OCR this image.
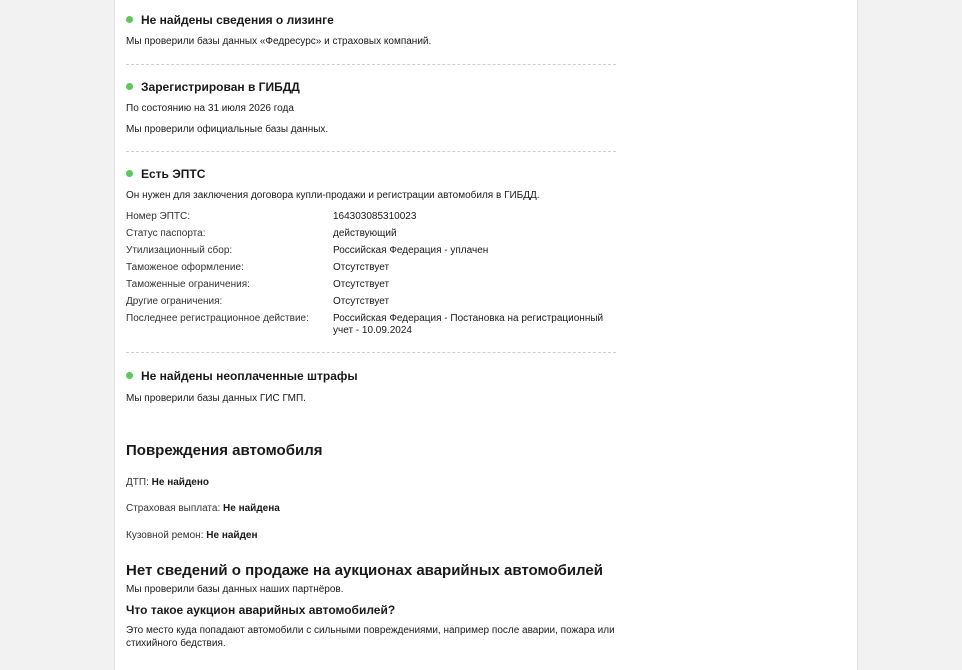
Не найдены сведения о лизинге

Мы проверили базы данных «Федресурс» и страховых компаний.

Зарегистрирован в ГИБДД

По состоянию на 31 июля 2026 года

Мы проверили официальные базы данных.

Есть ЭПТС

Он нужен для заключения договора купли-продажи и регистрации автомобиля в ГИБДД.

Номер ЭПТС:	164303085310023
Статус паспорта:	действующий
Утилизационный сбор:	Российская Федерация - уплачен
Таможеное оформление:	Отсутствует
Таможенные ограничения:	Отсутствует
Другие ограничения:	Отсутствует
Последнее регистрационное действие:	Российская Федерация - Постановка на регистрационный учет - 10.09.2024
Не найдены неоплаченные штрафы

Мы проверили базы данных ГИС ГМП.

Повреждения автомобиля
ДТП: Не найдено
Страховая выплата: Не найдена
Кузовной ремон: Не найден
Нет сведений о продаже на аукционах аварийных автомобилей

Мы проверили базы данных наших партнёров.

Что такое аукцион аварийных автомобилей?

Это место куда попадают автомобили с сильными повреждениями, например после аварии, пожара или стихийного бедствия.
